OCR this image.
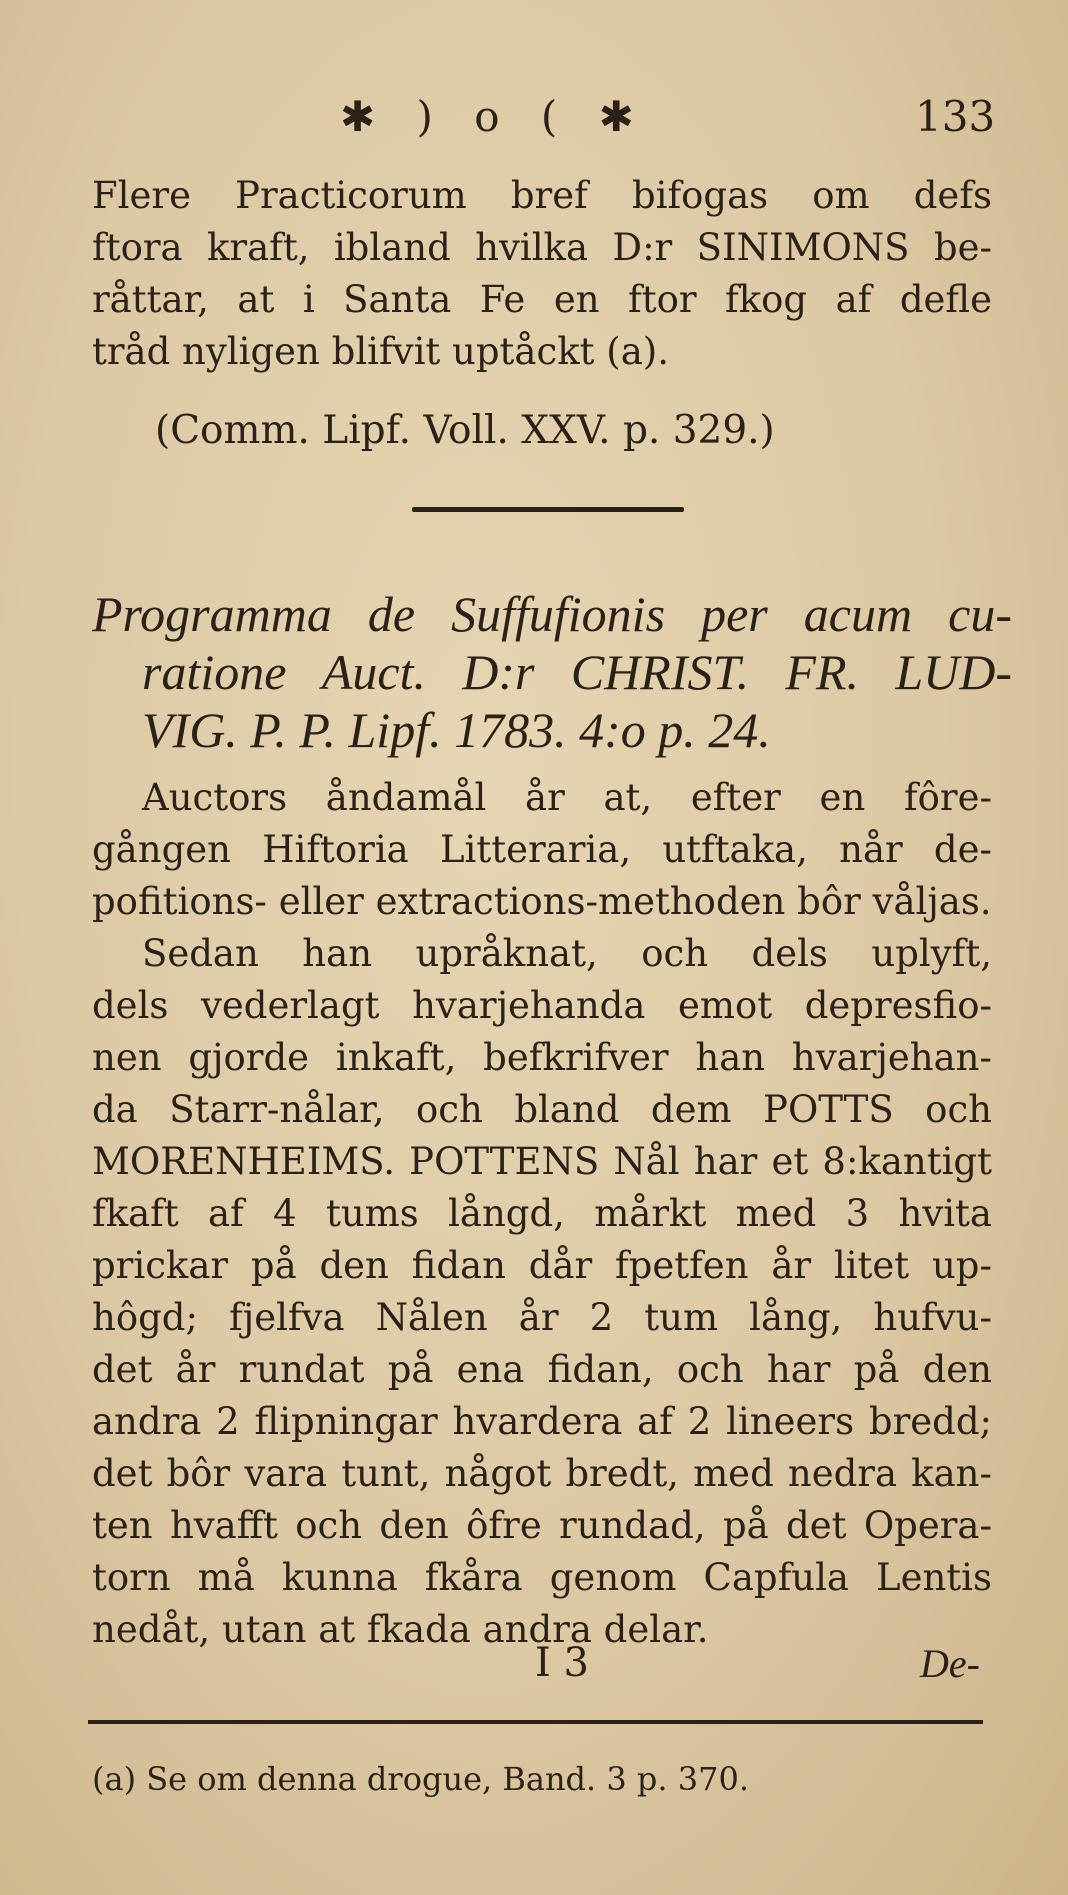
✱ ) o ( ✱	133
Flere Practicorum bref bifogas om defs
ftora kraft, ibland hvilka D:r SINIMONS be-
råttar, at i Santa Fe en ftor fkog af defle
tråd nyligen blifvit uptåckt (a).
(Comm. Lipf. Voll. XXV. p. 329.)
Programma de Suffufionis per acum cu-
ratione Auct. D:r CHRIST. FR. LUD-
VIG. P. P. Lipf. 1783. 4:o p. 24.
Auctors åndamål år at, efter en fôre-
gången Hiftoria Litteraria, utftaka, når de-
pofitions- eller extractions-methoden bôr våljas.
Sedan han upråknat, och dels uplyft,
dels vederlagt hvarjehanda emot depresfio-
nen gjorde inkaft, befkrifver han hvarjehan-
da Starr-nålar, och bland dem POTTS och
MORENHEIMS. POTTENS Nål har et 8:kantigt
fkaft af 4 tums långd, mårkt med 3 hvita
prickar på den fidan dår fpetfen år litet up-
hôgd; fjelfva Nålen år 2 tum lång, hufvu-
det år rundat på ena fidan, och har på den
andra 2 flipningar hvardera af 2 lineers bredd;
det bôr vara tunt, något bredt, med nedra kan-
ten hvafft och den ôfre rundad, på det Opera-
torn må kunna fkåra genom Capfula Lentis
nedåt, utan at fkada andra delar.
I 3	De-
(a) Se om denna drogue, Band. 3 p. 370.
